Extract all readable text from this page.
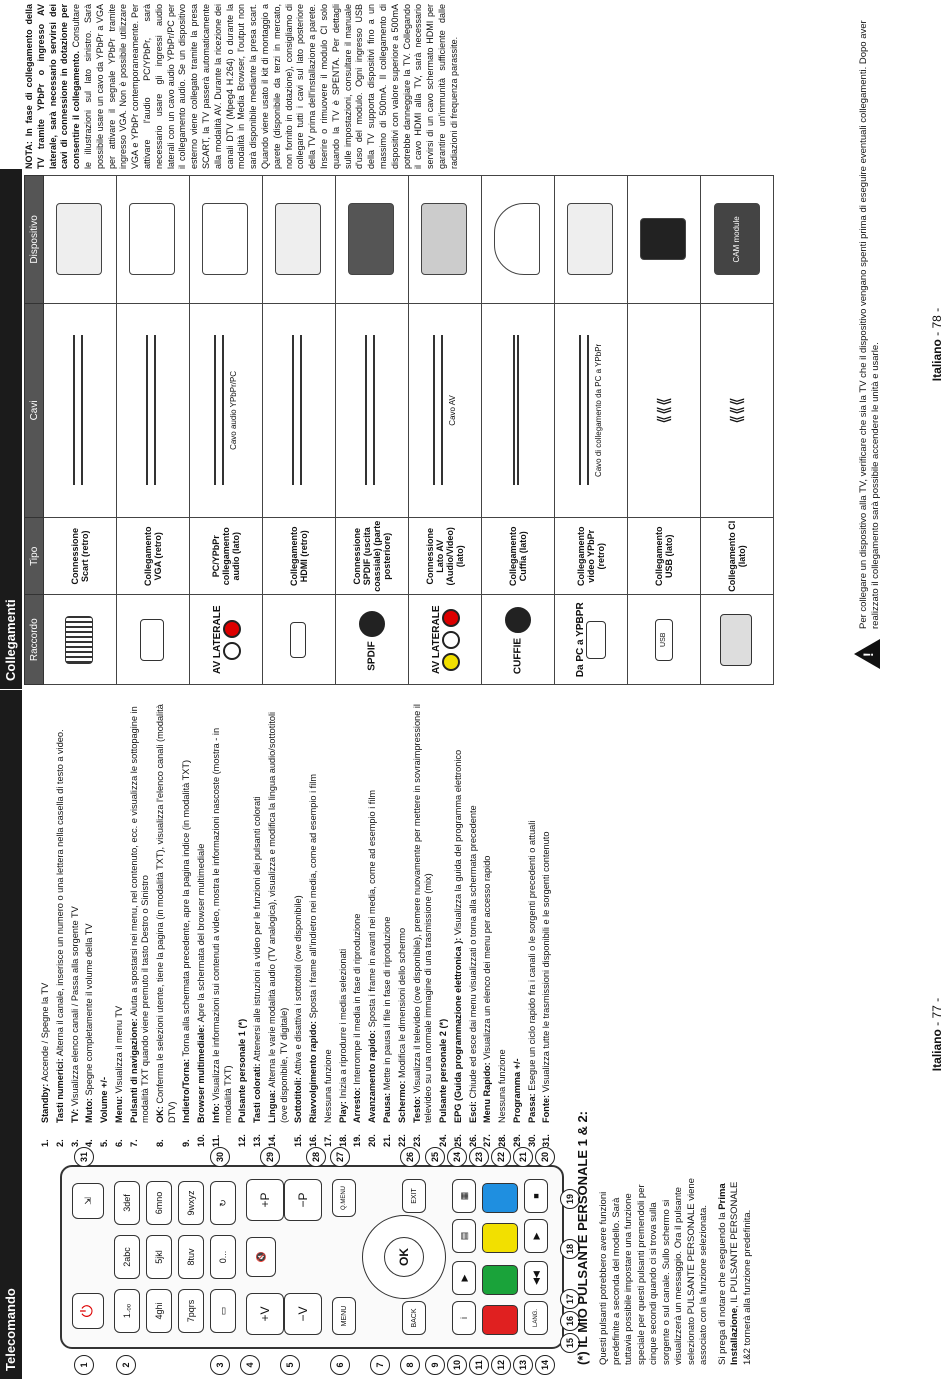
Telecomando	⏻
⇲
1.ₒₒ
2abc
3def
4ghi
5jkl
6mno
7pqrs
8tuv
9wxyz
▭
0...
↻
+V	−V
🔇
+P	−P
MENU
Q.MENU
OK
BACK
EXIT
i
▶
▤
▦
LANG.
◀◀
▶
■
1	2	3	4	5	6	7	8	9	10	11	12	13	14
15
16
17
18
19
20
21
22
23
24
25
26
27
28
29
30
31	(*) IL MIO PULSANTE PERSONALE 1 & 2: Questi pulsanti potrebbero avere funzioni predefinite a seconda del modello. Sarà tuttavia possibile impostare una funzione speciale per questi pulsanti premendoli per cinque secondi quando ci si trova sulla sorgente o sul canale. Sullo schermo si visualizzerà un messaggio. Ora il pulsante selezionato PULSANTE PERSONALE viene associato con la funzione selezionata. Si prega di notare che eseguendo la Prima Installazione, IL PULSANTE PERSONALE 1&2 tornerà alla funzione predefinita.

1.
Standby: Accende / Spegne la TV
2.
Tasti numerici: Alterna il canale, inserisce un numero o una lettera nella casella di testo a video.
3.
TV: Visualizza elenco canali / Passa alla sorgente TV
4.
Muto: Spegne completamente il volume della TV
5.
Volume +/-
6.
Menu: Visualizza il menu TV
7.
Pulsanti di navigazione: Aiuta a spostarsi nei menu, nel contenuto, ecc. e visualizza le sottopagine in modalità TXT quando viene premuto il tasto Destro o Sinistro
8.
OK: Conferma le selezioni utente, tiene la pagina (in modalità TXT), visualizza l'elenco canali (modalità DTV)
9.
Indietro/Torna: Torna alla schermata precedente, apre la pagina indice (in modalità TXT)
10.
Browser multimediale: Apre la schermata del browser multimediale
11.
Info: Visualizza le informazioni sui contenuti a video, mostra le informazioni nascoste (mostra - in modalità TXT)
12.
Pulsante personale 1 (*)
13.
Tasti colorati: Attenersi alle istruzioni a video per le funzioni dei pulsanti colorati
14.
Lingua: Alterna le varie modalità audio (TV analogica), visualizza e modifica la lingua audio/sottotitoli (ove disponibile, TV digitale)
15.
Sottotitoli: Attiva e disattiva i sottotitoli (ove disponibile)
16.
Riavvolgimento rapido: Sposta i frame all'indietro nei media, come ad esempio i film
17.
Nessuna funzione
18.
Play: Inizia a riprodurre i media selezionati
19.
Arresto: Interrompe il media in fase di riproduzione
20.
Avanzamento rapido: Sposta i frame in avanti nei media, come ad esempio i film
21.
Pausa: Mette in pausa il file in fase di riproduzione
22.
Schermo: Modifica le dimensioni dello schermo
23.
Testo: Visualizza il televideo (ove disponibile), premere nuovamente per mettere in sovraimpressione il televideo su una normale immagine di una trasmissione (mix)
24.
Pulsante personale 2 (*)
25.
EPG (Guida programmazione elettronica ): Visualizza la guida del programma elettronico
26.
Esci: Chiude ed esce dai menu visualizzati o torna alla schermata precedente
27.
Menu Rapido: Visualizza un elenco dei menu per accesso rapido
28.
Nessuna funzione
29.
Programma +/-
30.
Passa: Esegue un ciclo rapido fra i canali o le sorgenti precedenti o attuali
31.
Fonte: Visualizza tutte le trasmissioni disponibili e le sorgenti contenuto	Italiano - 77 -
Collegamenti	Raccordo	Tipo	Cavi	Dispositivo
	Connessione Scart (retro)		
	Collegamento VGA (retro)		

AV LATERALE	PC/YPbPr collegamento audio (lato)	Cavo audio YPbPr/PC	

	Collegamento HDMI (retro)		
SPDIF	Connessione SPDIF (uscita coassiale) (parte posteriore)		

AV LATERALE	Connessione Lato AV (Audio/Video) (lato)	Cavo AV	

CUFFIE	Collegamento Cuffia (lato)		

Da PC a YPBPR	Collegamento video YPbPr (retro)	Cavo di collegamento da PC a YPbPr	

USB	Collegamento USB (lato)	⟪⟪⟪	
	Collegamento CI (lato)	⟪⟪⟪	CAM module
NOTA: In fase di collegamento della TV tramite YPbPr o ingresso AV laterale, sarà necessario servirsi dei cavi di connessione in dotazione per consentire il collegamento. Consultare le illustrazioni sul lato sinistro. Sarà possibile usare un cavo da YPbPr a VGA per attivare il segnale YPbPr tramite ingresso VGA. Non è possibile utilizzare VGA e YPbPr contemporaneamente. Per attivare l'audio PC/YPbPr, sarà necessario usare gli ingressi audio laterali con un cavo audio YPbPr/PC per il collegamento audio. Se un dispositivo esterno viene collegato tramite la presa SCART, la TV passerà automaticamente alla modalità AV. Durante la ricezione dei canali DTV (Mpeg4 H.264) o durante la modalità in Media Browser, l'output non sarà disponibile mediante la presa scart. Quando viene usato il kit di montaggio a parete (disponibile da terzi in mercato, non fornito in dotazione), consigliamo di collegare tutti i cavi sul lato posteriore della TV prima dell'installazione a parete. Inserire o rimuovere il modulo CI solo quando la TV è SPENTA. Per dettagli sulle impostazioni, consultare il manuale d'uso del modulo. Ogni ingresso USB della TV supporta dispositivi fino a un massimo di 500mA. Il collegamento di dispositivi con valore superiore a 500mA potrebbe danneggiare la TV. Collegando il cavo HDMI alla TV, sarà necessario servirsi di un cavo schermato HDMI per garantire un'immunità sufficiente dalle radiazioni di frequenza parassite.
!	Per collegare un dispositivo alla TV, verificare che sia la TV che il dispositivo vengano spenti prima di eseguire eventuali collegamenti. Dopo aver realizzato il collegamento sarà possibile accendere le unità e usarle.	Italiano - 78 -
